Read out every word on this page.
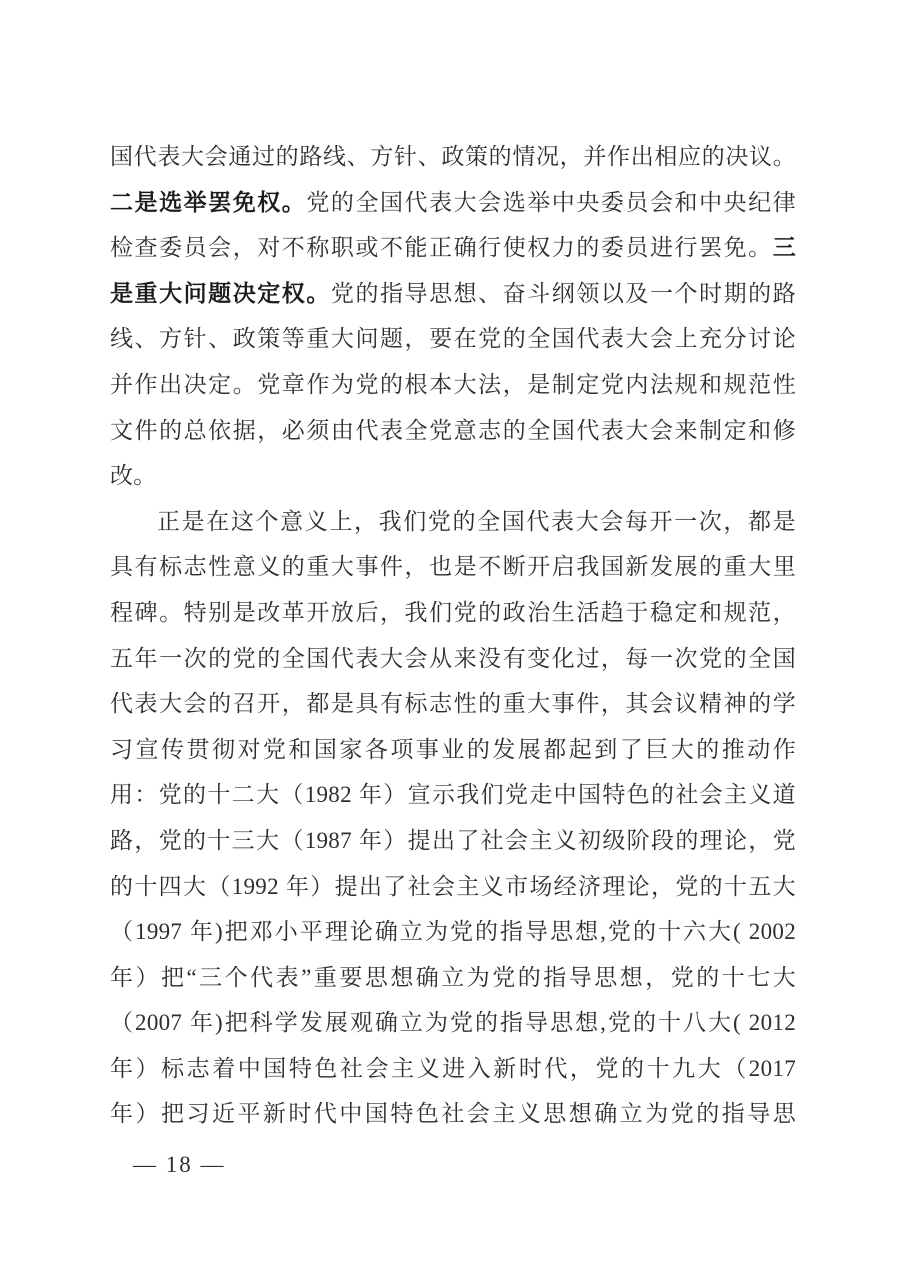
国代表大会通过的路线、方针、政策的情况，并作出相应的决议。
二是选举罢免权。党的全国代表大会选举中央委员会和中央纪律
检查委员会，对不称职或不能正确行使权力的委员进行罢免。三
是重大问题决定权。党的指导思想、奋斗纲领以及一个时期的路
线、方针、政策等重大问题，要在党的全国代表大会上充分讨论
并作出决定。党章作为党的根本大法，是制定党内法规和规范性
文件的总依据，必须由代表全党意志的全国代表大会来制定和修
改。
正是在这个意义上，我们党的全国代表大会每开一次，都是
具有标志性意义的重大事件，也是不断开启我国新发展的重大里
程碑。特别是改革开放后，我们党的政治生活趋于稳定和规范，
五年一次的党的全国代表大会从来没有变化过，每一次党的全国
代表大会的召开，都是具有标志性的重大事件，其会议精神的学
习宣传贯彻对党和国家各项事业的发展都起到了巨大的推动作
用：党的十二大（1982 年）宣示我们党走中国特色的社会主义道
路，党的十三大（1987 年）提出了社会主义初级阶段的理论，党
的十四大（1992 年）提出了社会主义市场经济理论，党的十五大
（1997 年)把邓小平理论确立为党的指导思想,党的十六大( 2002
年）把“三个代表”重要思想确立为党的指导思想，党的十七大
（2007 年)把科学发展观确立为党的指导思想,党的十八大( 2012
年）标志着中国特色社会主义进入新时代，党的十九大（2017
年）把习近平新时代中国特色社会主义思想确立为党的指导思
— 18 —
